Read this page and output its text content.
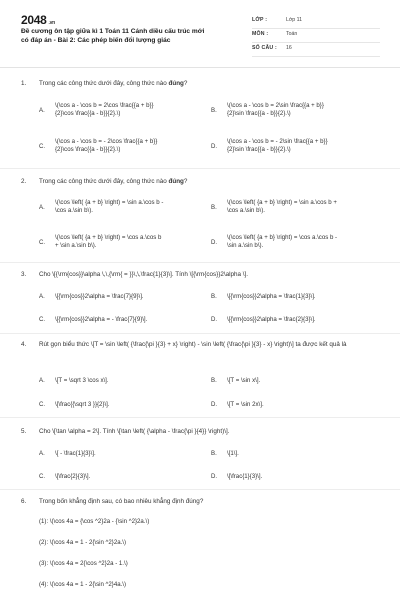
2048 .vn
Đề cương ôn tập giữa kì 1 Toán 11 Cánh diều cấu trúc mới có đáp án - Bài 2: Các phép biến đổi lượng giác
LỚP :	Lớp 11
MÔN :	Toán
SỐ CÂU : 16
1. Trong các công thức dưới đây, công thức nào đúng?
A.
\(\cos a - \cos b = 2\cos \frac{{a + b}}
{2}\cos \frac{{a - b}}{2}.\)	B.
\(\cos a - \cos b = 2\sin \frac{{a + b}}
{2}\sin \frac{{a - b}}{2}.\)
C.
\(\cos a - \cos b = - 2\cos \frac{{a + b}}
{2}\cos \frac{{a - b}}{2}.\)	D.
\(\cos a - \cos b = - 2\sin \frac{{a + b}}
{2}\sin \frac{{a - b}}{2}.\)
2. Trong các công thức dưới đây, công thức nào đúng?
A.
\(\cos \left( {a + b} \right) = \sin a.\cos b -
\cos a.\sin b\).	B.
\(\cos \left( {a + b} \right) = \sin a.\cos b +
\cos a.\sin b\).
C.
\(\cos \left( {a + b} \right) = \cos a.\cos b
+ \sin a.\sin b\).	D.
\(\cos \left( {a + b} \right) = \cos a.\cos b -
\sin a.\sin b\).
3. Cho \[{\rm{cos}}\alpha \,\,{\rm{ = }}\,\,\frac{1}{3}\]. Tính \[{\rm{cos}}2\alpha \].
A. \[{\rm{cos}}2\alpha = \frac{7}{9}\].	B. \[{\rm{cos}}2\alpha = \frac{1}{3}\].
C. \[{\rm{cos}}2\alpha = - \frac{7}{9}\].	D. \[{\rm{cos}}2\alpha = \frac{2}{3}\].
4. Rút gọn biểu thức \[T = \sin \left( {\frac{\pi }{3} + x} \right) - \sin \left( {\frac{\pi }{3} - x} \right)\] ta được kết quả là
A. \[T = \sqrt 3 \cos x\].	B. \[T = \sin x\].
C. \[\frac{{\sqrt 3 }}{2}\].	D. \[T = \sin 2x\].
5. Cho \[\tan \alpha = 2\]. Tính \[\tan \left( {\alpha - \frac{\pi }{4}} \right)\].
A. \[ - \frac{1}{3}\].	B. \[1\].
C. \[\frac{2}{3}\].	D. \[\frac{1}{3}\].
6. Trong bốn khẳng định sau, có bao nhiêu khẳng định đúng?
(1): \(\cos 4a = {\cos ^2}2a - {\sin ^2}2a.\)
(2): \(\cos 4a = 1 - 2{\sin ^2}2a.\)
(3): \(\cos 4a = 2{\cos ^2}2a - 1.\)
(4): \(\cos 4a = 1 - 2{\sin ^2}4a.\)
